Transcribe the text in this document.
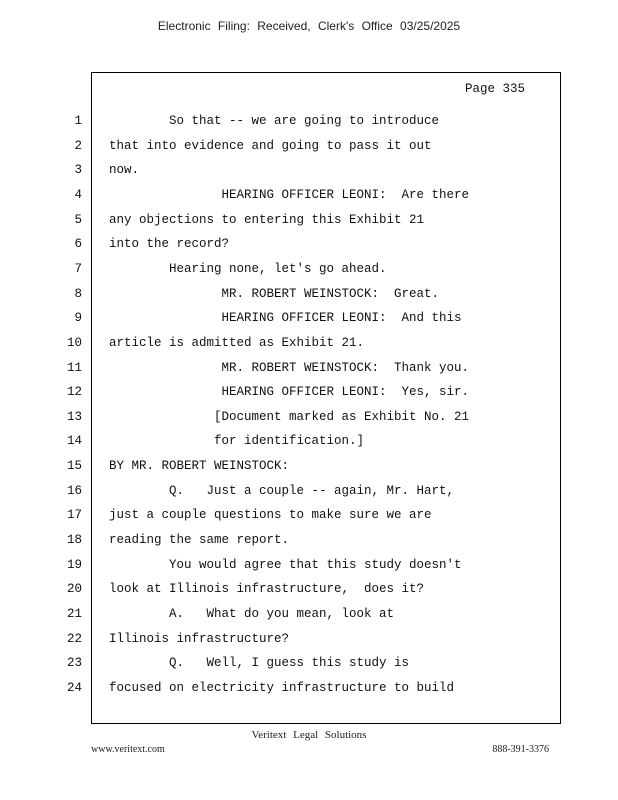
Electronic Filing: Received, Clerk's Office 03/25/2025
Page 335
1 So that -- we are going to introduce
2 that into evidence and going to pass it out
3 now.
4 HEARING OFFICER LEONI:  Are there
5 any objections to entering this Exhibit 21
6 into the record?
7 Hearing none, let's go ahead.
8 MR. ROBERT WEINSTOCK:  Great.
9 HEARING OFFICER LEONI:  And this
10 article is admitted as Exhibit 21.
11 MR. ROBERT WEINSTOCK:  Thank you.
12 HEARING OFFICER LEONI:  Yes, sir.
13 [Document marked as Exhibit No. 21
14 for identification.]
15 BY MR. ROBERT WEINSTOCK:
16 Q.   Just a couple -- again, Mr. Hart,
17 just a couple questions to make sure we are
18 reading the same report.
19 You would agree that this study doesn't
20 look at Illinois infrastructure,  does it?
21 A.   What do you mean, look at
22 Illinois infrastructure?
23 Q.   Well, I guess this study is
24 focused on electricity infrastructure to build
Veritext Legal Solutions
www.veritext.com	888-391-3376
